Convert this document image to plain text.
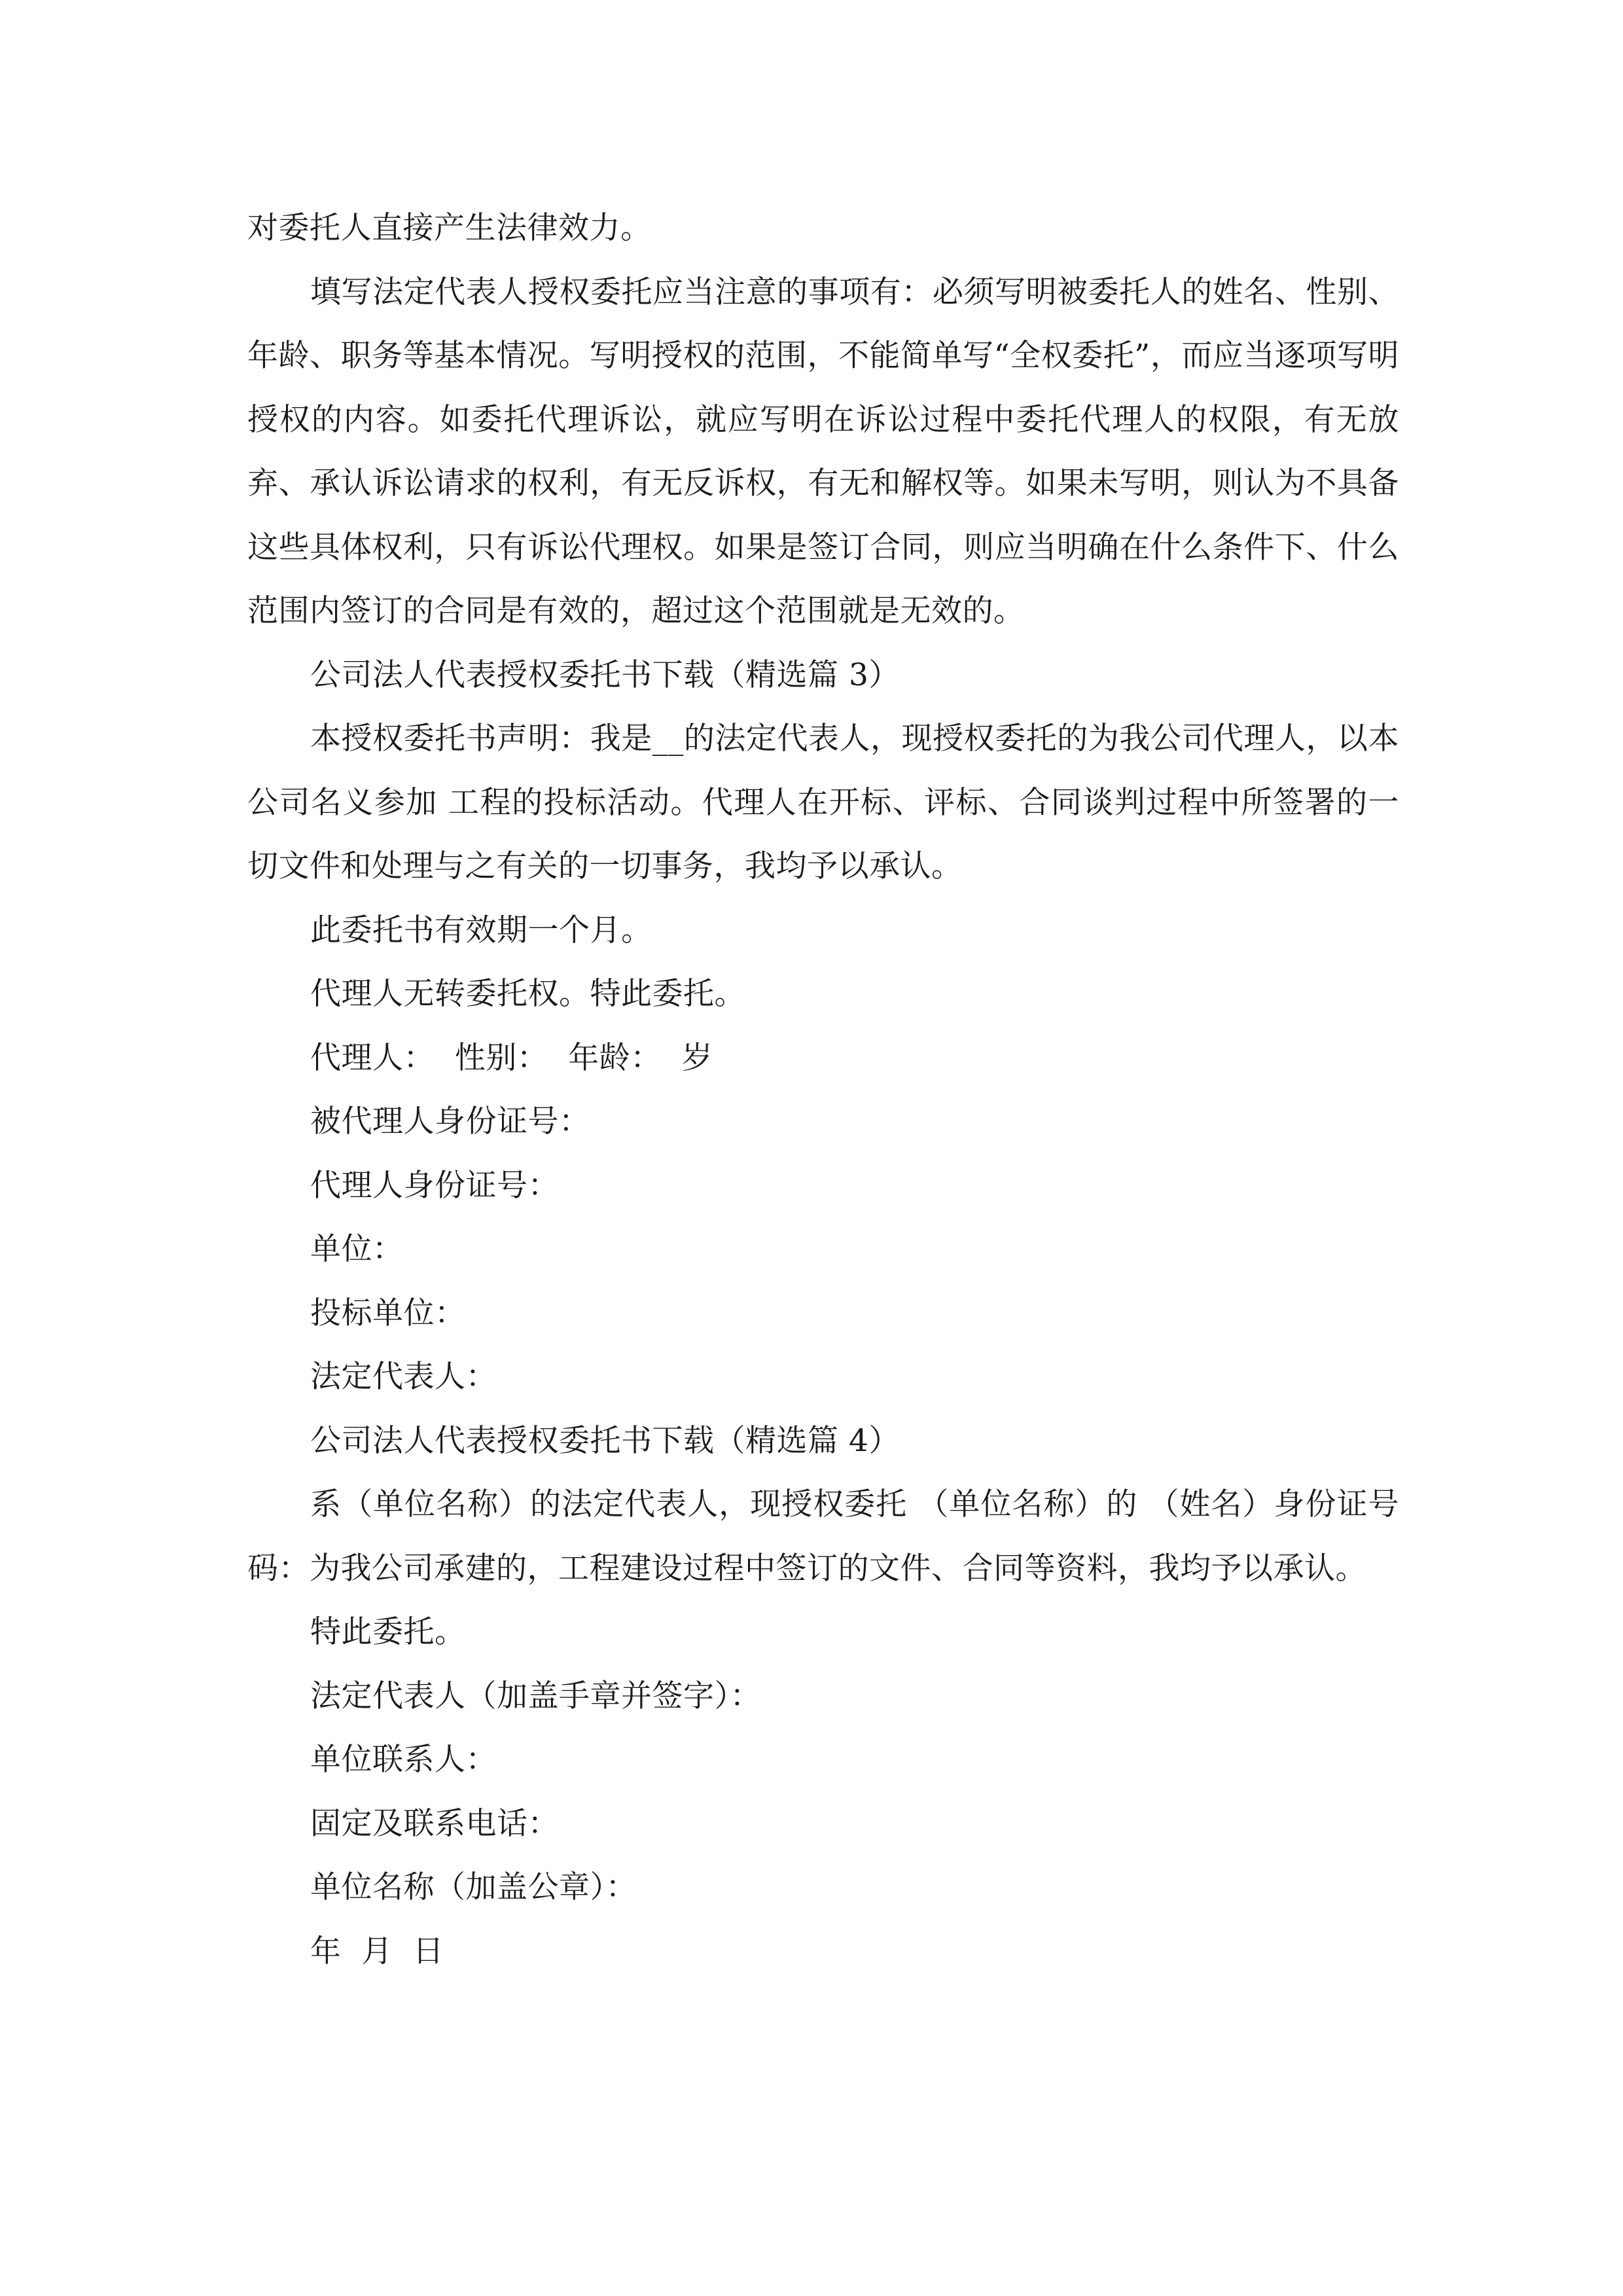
对委托人直接产生法律效力。

填写法定代表人授权委托应当注意的事项有：必须写明被委托人的姓名、性别、年龄、职务等基本情况。写明授权的范围，不能简单写“全权委托”，而应当逐项写明授权的内容。如委托代理诉讼，就应写明在诉讼过程中委托代理人的权限，有无放弃、承认诉讼请求的权利，有无反诉权，有无和解权等。如果未写明，则认为不具备这些具体权利，只有诉讼代理权。如果是签订合同，则应当明确在什么条件下、什么范围内签订的合同是有效的，超过这个范围就是无效的。

公司法人代表授权委托书下载（精选篇 3）

本授权委托书声明：我是__的法定代表人，现授权委托的为我公司代理人，以本公司名义参加 工程的投标活动。代理人在开标、评标、合同谈判过程中所签署的一切文件和处理与之有关的一切事务，我均予以承认。

此委托书有效期一个月。

代理人无转委托权。特此委托。

代理人：  性别：  年龄：  岁

被代理人身份证号：

代理人身份证号：

单位：

投标单位：

法定代表人：

公司法人代表授权委托书下载（精选篇 4）

系（单位名称）的法定代表人，现授权委托 （单位名称）的 （姓名）身份证号码：为我公司承建的，工程建设过程中签订的文件、合同等资料，我均予以承认。

特此委托。

法定代表人（加盖手章并签字）：

单位联系人：

固定及联系电话：

单位名称（加盖公章）：

年  月  日
